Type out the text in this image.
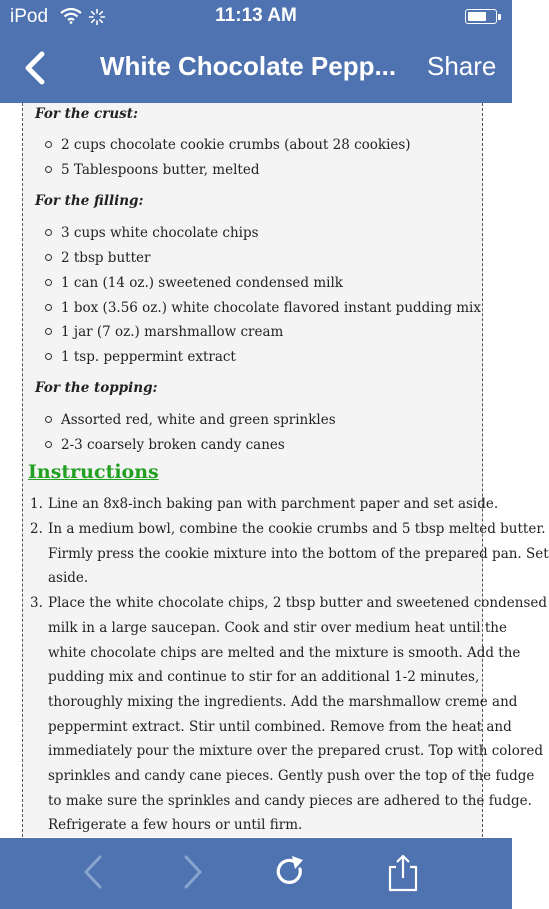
iPod	11:13 AM
White Chocolate Pepp... Share
For the crust:
2 cups chocolate cookie crumbs (about 28 cookies)
5 Tablespoons butter, melted
For the filling:
3 cups white chocolate chips
2 tbsp butter
1 can (14 oz.) sweetened condensed milk
1 box (3.56 oz.) white chocolate flavored instant pudding mix
1 jar (7 oz.) marshmallow cream
1 tsp. peppermint extract
For the topping:
Assorted red, white and green sprinkles
2-3 coarsely broken candy canes
Instructions
1. Line an 8x8-inch baking pan with parchment paper and set aside.
2. In a medium bowl, combine the cookie crumbs and 5 tbsp melted butter.
Firmly press the cookie mixture into the bottom of the prepared pan. Set
aside.
3. Place the white chocolate chips, 2 tbsp butter and sweetened condensed
milk in a large saucepan. Cook and stir over medium heat until the
white chocolate chips are melted and the mixture is smooth. Add the
pudding mix and continue to stir for an additional 1-2 minutes,
thoroughly mixing the ingredients. Add the marshmallow creme and
peppermint extract. Stir until combined. Remove from the heat and
immediately pour the mixture over the prepared crust. Top with colored
sprinkles and candy cane pieces. Gently push over the top of the fudge
to make sure the sprinkles and candy pieces are adhered to the fudge.
Refrigerate a few hours or until firm.
